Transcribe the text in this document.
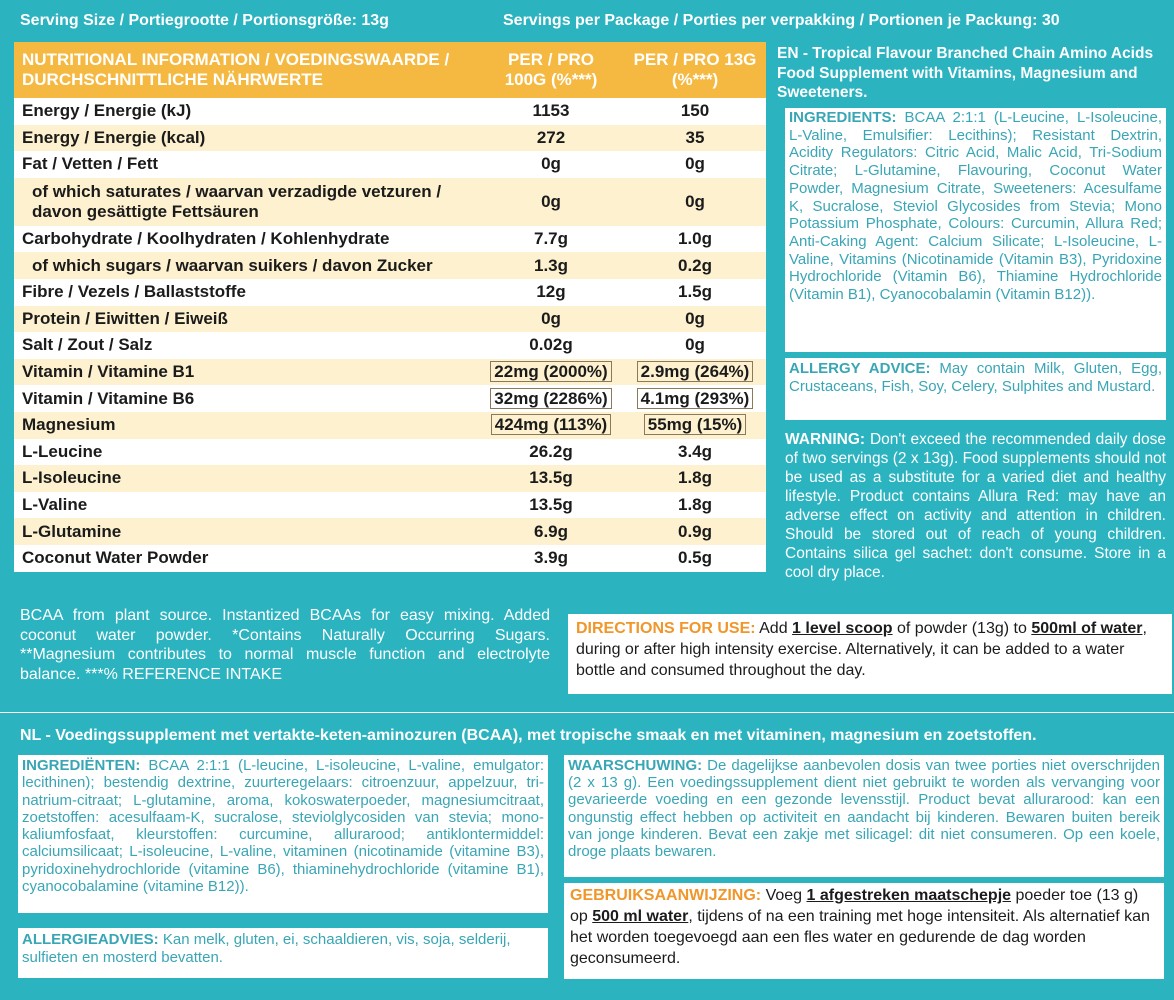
Serving Size / Portiegrootte / Portionsgröße: 13g	Servings per Package / Porties per verpakking / Portionen je Packung: 30
NUTRITIONAL INFORMATION / VOEDINGSWAARDE / DURCHSCHNITTLICHE NÄHRWERTE	PER / PRO 100G (%***)	PER / PRO 13G (%***)
Energy / Energie (kJ)	1153	150
Energy / Energie (kcal)	272	35
Fat / Vetten / Fett	0g	0g
of which saturates / waarvan verzadigde vetzuren / davon gesättigte Fettsäuren	0g	0g
Carbohydrate / Koolhydraten / Kohlenhydrate	7.7g	1.0g
of which sugars / waarvan suikers / davon Zucker	1.3g	0.2g
Fibre / Vezels / Ballaststoffe	12g	1.5g
Protein / Eiwitten / Eiweiß	0g	0g
Salt / Zout / Salz	0.02g	0g
Vitamin / Vitamine B1	22mg (2000%)	2.9mg (264%)
Vitamin / Vitamine B6	32mg (2286%)	4.1mg (293%)
Magnesium	424mg (113%)	55mg (15%)
L-Leucine	26.2g	3.4g
L-Isoleucine	13.5g	1.8g
L-Valine	13.5g	1.8g
L-Glutamine	6.9g	0.9g
Coconut Water Powder	3.9g	0.5g
EN - Tropical Flavour Branched Chain Amino Acids Food Supplement with Vitamins, Magnesium and Sweeteners.
INGREDIENTS: BCAA 2:1:1 (L-Leucine, L-Isoleucine, L-Valine, Emulsifier: Lecithins); Resistant Dextrin, Acidity Regulators: Citric Acid, Malic Acid, Tri-Sodium Citrate; L-Glutamine, Flavouring, Coconut Water Powder, Magnesium Citrate, Sweeteners: Acesulfame K, Sucralose, Steviol Glycosides from Stevia; Mono Potassium Phosphate, Colours: Curcumin, Allura Red; Anti-Caking Agent: Calcium Silicate; L-Isoleucine, L-Valine, Vitamins (Nicotinamide (Vitamin B3), Pyridoxine Hydrochloride (Vitamin B6), Thiamine Hydrochloride (Vitamin B1), Cyanocobalamin (Vitamin B12)).
ALLERGY ADVICE: May contain Milk, Gluten, Egg, Crustaceans, Fish, Soy, Celery, Sulphites and Mustard.
WARNING: Don't exceed the recommended daily dose of two servings (2 x 13g). Food supplements should not be used as a substitute for a varied diet and healthy lifestyle. Product contains Allura Red: may have an adverse effect on activity and attention in children. Should be stored out of reach of young children. Contains silica gel sachet: don't consume. Store in a cool dry place.
BCAA from plant source. Instantized BCAAs for easy mixing. Added coconut water powder. *Contains Naturally Occurring Sugars. **Magnesium contributes to normal muscle function and electrolyte balance. ***% REFERENCE INTAKE
DIRECTIONS FOR USE: Add 1 level scoop of powder (13g) to 500ml of water, during or after high intensity exercise. Alternatively, it can be added to a water bottle and consumed throughout the day.
NL - Voedingssupplement met vertakte-keten-aminozuren (BCAA), met tropische smaak en met vitaminen, magnesium en zoetstoffen.
INGREDIËNTEN: BCAA 2:1:1 (L-leucine, L-isoleucine, L-valine, emulgator: lecithinen); bestendig dextrine, zuurteregelaars: citroenzuur, appelzuur, tri-natrium-citraat; L-glutamine, aroma, kokoswaterpoeder, magnesiumcitraat, zoetstoffen: acesulfaam-K, sucralose, steviolglycosiden van stevia; mono-kaliumfosfaat, kleurstoffen: curcumine, allurarood; antiklontermiddel: calciumsilicaat; L-isoleucine, L-valine, vitaminen (nicotinamide (vitamine B3), pyridoxinehydrochloride (vitamine B6), thiaminehydrochloride (vitamine B1), cyanocobalamine (vitamine B12)).
ALLERGIEADVIES: Kan melk, gluten, ei, schaaldieren, vis, soja, selderij, sulfieten en mosterd bevatten.
WAARSCHUWING: De dagelijkse aanbevolen dosis van twee porties niet overschrijden (2 x 13 g). Een voedingssupplement dient niet gebruikt te worden als vervanging voor gevarieerde voeding en een gezonde levensstijl. Product bevat allurarood: kan een ongunstig effect hebben op activiteit en aandacht bij kinderen. Bewaren buiten bereik van jonge kinderen. Bevat een zakje met silicagel: dit niet consumeren. Op een koele, droge plaats bewaren.
GEBRUIKSAANWIJZING: Voeg 1 afgestreken maatschepje poeder toe (13 g) op 500 ml water, tijdens of na een training met hoge intensiteit. Als alternatief kan het worden toegevoegd aan een fles water en gedurende de dag worden geconsumeerd.
